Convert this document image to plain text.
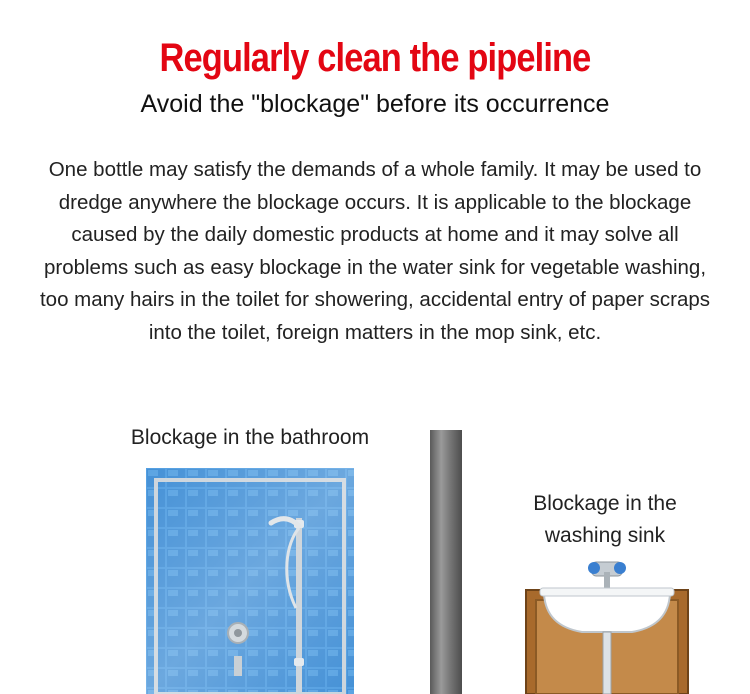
Regularly clean the pipeline
Avoid the "blockage" before its occurrence
One bottle may satisfy the demands of a whole family. It may be used to dredge anywhere the blockage occurs. It is applicable to the blockage caused by the daily domestic products at home and it may solve all problems such as easy blockage in the water sink for vegetable washing, too many hairs in the toilet for showering, accidental entry of paper scraps into the toilet, foreign matters in the mop sink, etc.
Blockage in the bathroom
Blockage in the washing sink
